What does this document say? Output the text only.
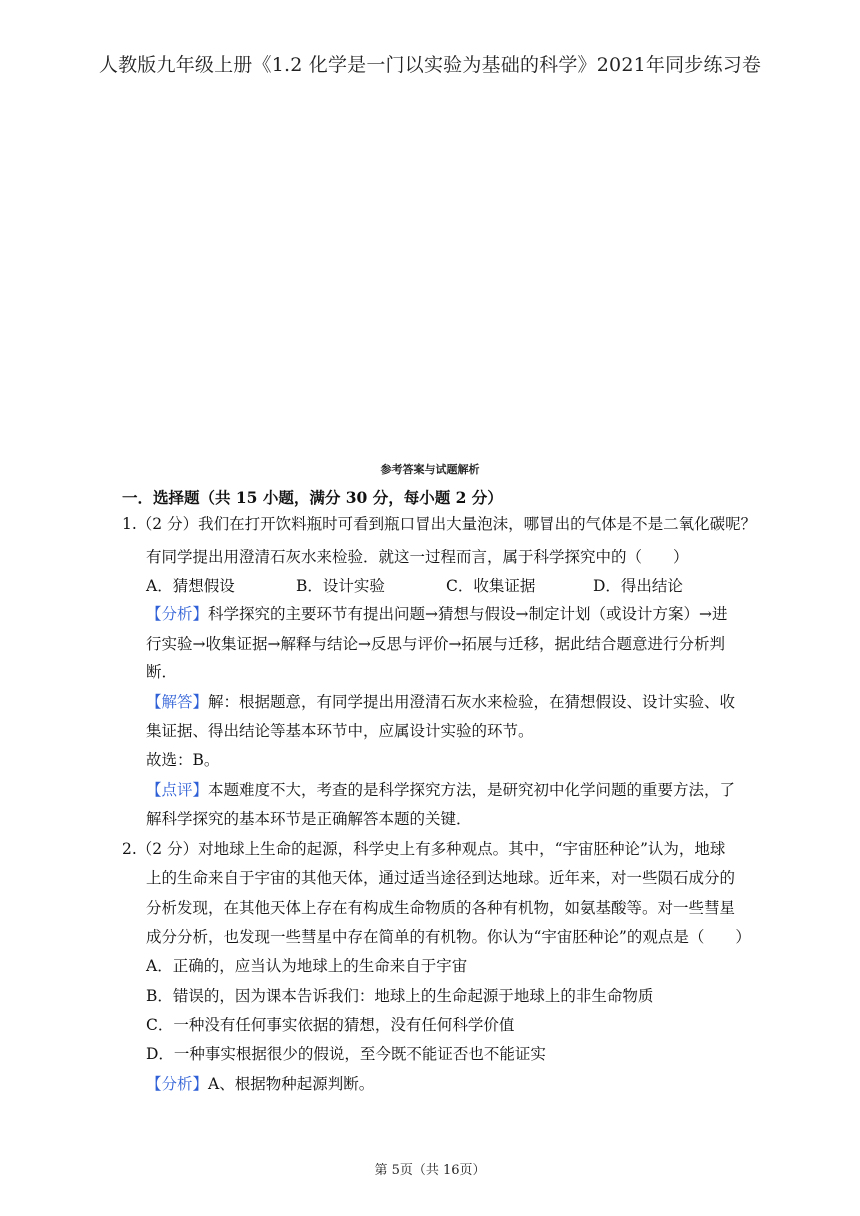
人教版九年级上册《1.2 化学是一门以实验为基础的科学》2021年同步练习卷
参考答案与试题解析
一．选择题（共 15 小题，满分 30 分，每小题 2 分）
1.（2 分）我们在打开饮料瓶时可看到瓶口冒出大量泡沫，哪冒出的气体是不是二氧化碳呢？
有同学提出用澄清石灰水来检验．就这一过程而言，属于科学探究中的（　　）
A．猜想假设	B．设计实验	C．收集证据	D．得出结论
【分析】科学探究的主要环节有提出问题→猜想与假设→制定计划（或设计方案）→进
行实验→收集证据→解释与结论→反思与评价→拓展与迁移，据此结合题意进行分析判
断．
【解答】解：根据题意，有同学提出用澄清石灰水来检验，在猜想假设、设计实验、收
集证据、得出结论等基本环节中，应属设计实验的环节。
故选：B。
【点评】本题难度不大，考查的是科学探究方法，是研究初中化学问题的重要方法，了
解科学探究的基本环节是正确解答本题的关键．
2.（2 分）对地球上生命的起源，科学史上有多种观点。其中，“宇宙胚种论”认为，地球
上的生命来自于宇宙的其他天体，通过适当途径到达地球。近年来，对一些陨石成分的
分析发现，在其他天体上存在有构成生命物质的各种有机物，如氨基酸等。对一些彗星
成分分析，也发现一些彗星中存在简单的有机物。你认为“宇宙胚种论”的观点是（　　）
A．正确的，应当认为地球上的生命来自于宇宙
B．错误的，因为课本告诉我们：地球上的生命起源于地球上的非生命物质
C．一种没有任何事实依据的猜想，没有任何科学价值
D．一种事实根据很少的假说，至今既不能证否也不能证实
【分析】A、根据物种起源判断。
第 5页（共 16页）
